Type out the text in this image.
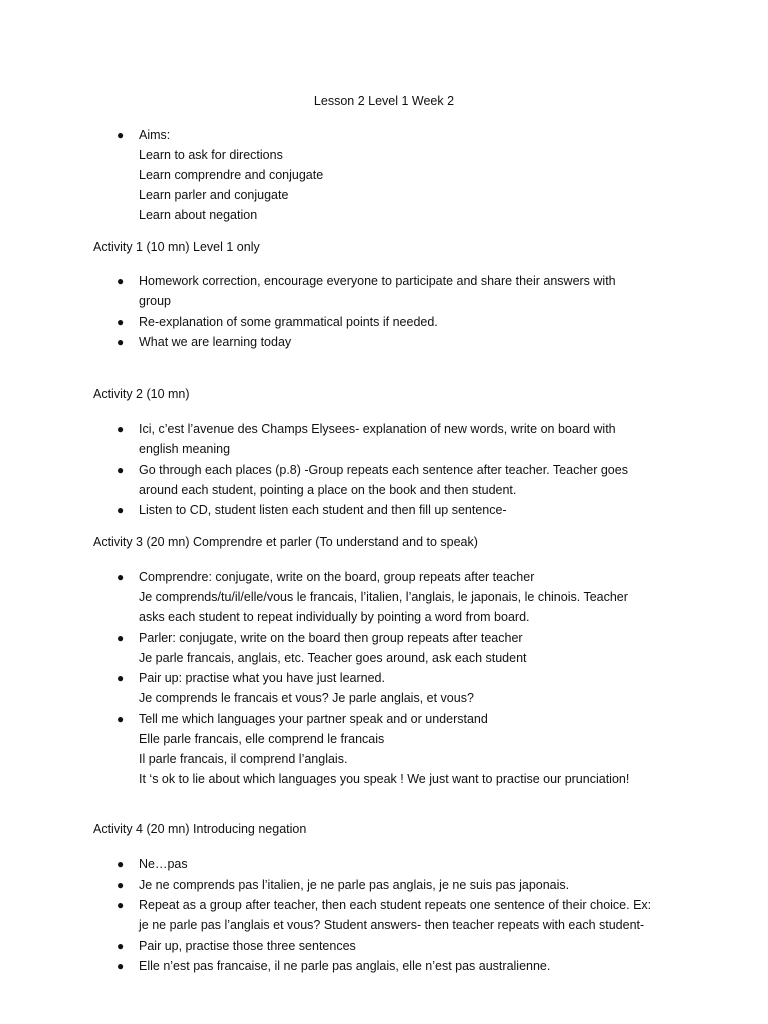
Lesson 2 Level 1 Week 2
● Aims:
Learn to ask for directions
Learn comprendre and conjugate
Learn parler and conjugate
Learn about negation
Activity 1 (10 mn) Level 1 only
● Homework correction, encourage everyone to participate and share their answers with
group
● Re-explanation of some grammatical points if needed.
● What we are learning today
Activity 2 (10 mn)
● Ici, c’est l’avenue des Champs Elysees- explanation of new words, write on board with
english meaning
● Go through each places (p.8) -Group repeats each sentence after teacher. Teacher goes
around each student, pointing a place on the book and then student.
● Listen to CD, student listen each student and then fill up sentence-
Activity 3 (20 mn) Comprendre et parler (To understand and to speak)
● Comprendre: conjugate, write on the board, group repeats after teacher
Je comprends/tu/il/elle/vous le francais, l’italien, l’anglais, le japonais, le chinois. Teacher
asks each student to repeat individually by pointing a word from board.
● Parler: conjugate, write on the board then group repeats after teacher
Je parle francais, anglais, etc. Teacher goes around, ask each student
● Pair up: practise what you have just learned.
Je comprends le francais et vous? Je parle anglais, et vous?
● Tell me which languages your partner speak and or understand
Elle parle francais, elle comprend le francais
Il parle francais, il comprend l’anglais.
It ‘s ok to lie about which languages you speak ! We just want to practise our prunciation!
Activity 4 (20 mn) Introducing negation
● Ne…pas
● Je ne comprends pas l’italien, je ne parle pas anglais, je ne suis pas japonais.
● Repeat as a group after teacher, then each student repeats one sentence of their choice. Ex:
je ne parle pas l’anglais et vous? Student answers- then teacher repeats with each student-
● Pair up, practise those three sentences
● Elle n’est pas francaise, il ne parle pas anglais, elle n’est pas australienne.
